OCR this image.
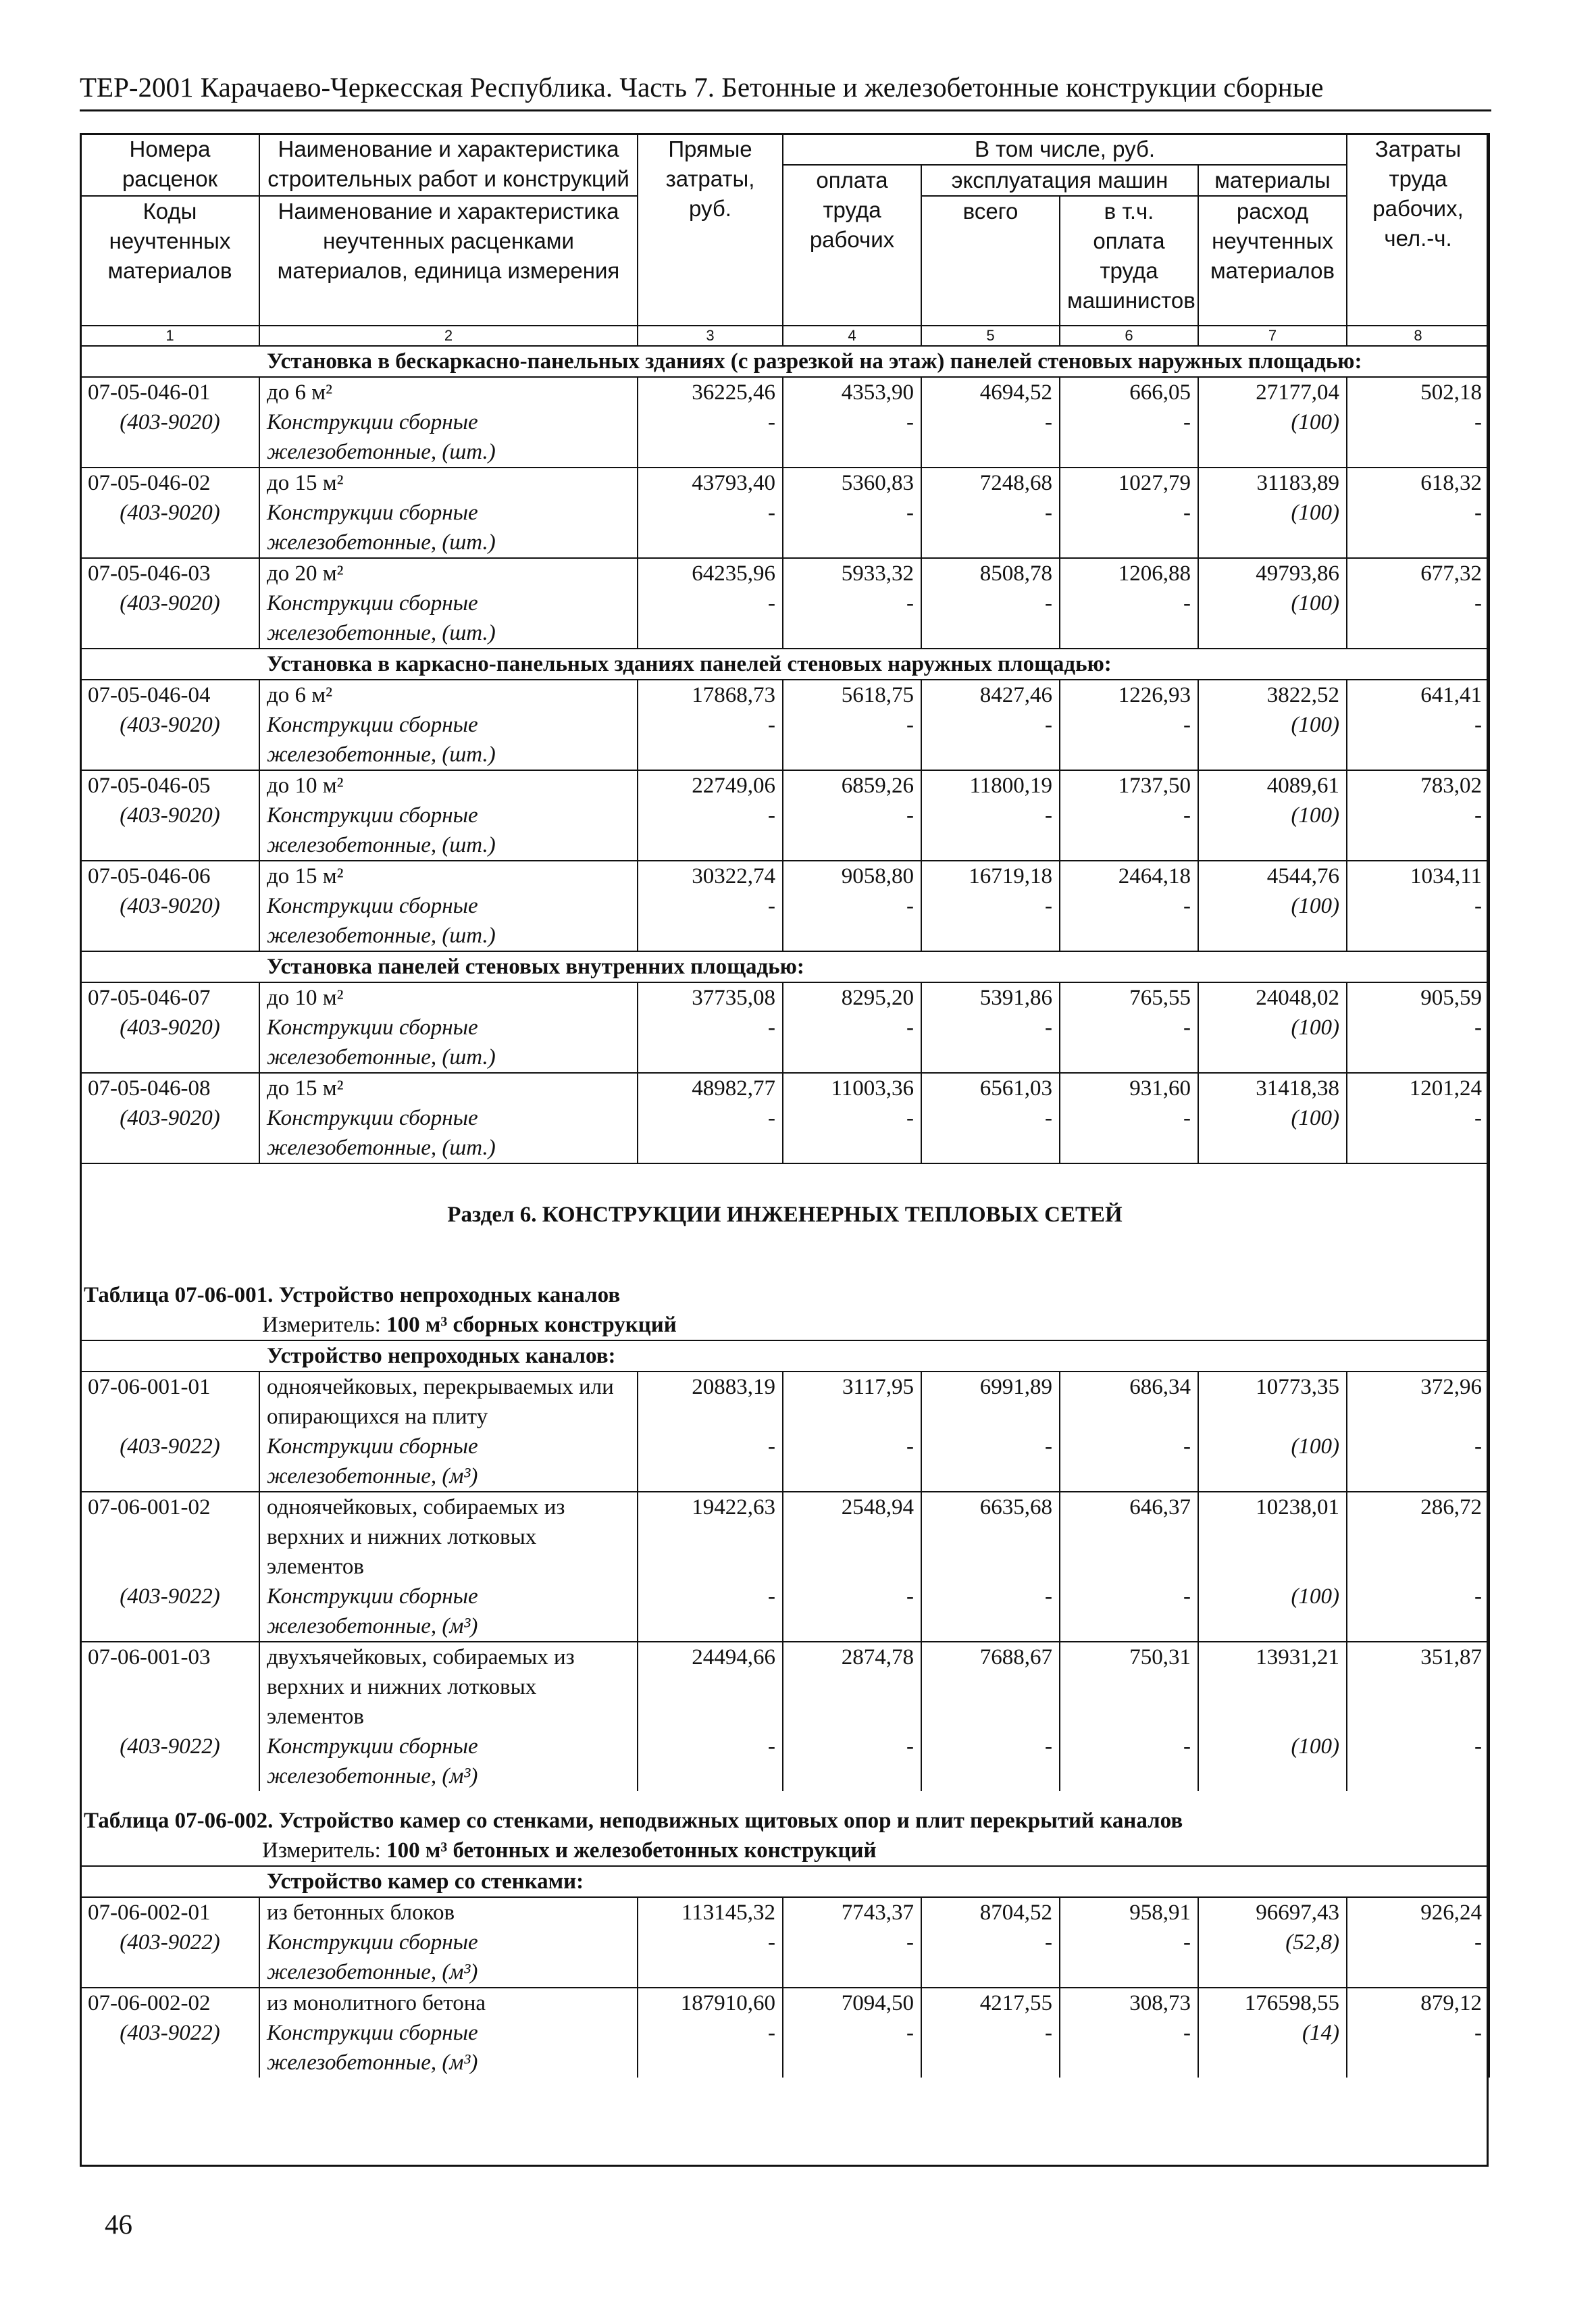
ТЕР-2001 Карачаево-Черкесская Республика. Часть 7. Бетонные и железобетонные конструкции сборные
Номера расценок	Наименование и характеристика строительных работ и конструкций	Прямые затраты, руб.	В том числе, руб.				Затраты труда рабочих, чел.-ч.
			оплата труда рабочих	эксплуатация машин		материалы	
Коды неучтенных материалов	Наименование и характеристика неучтенных расценками материалов, единица измерения			всего	в т.ч. оплата труда машинистов	расход неучтенных материалов	

1	2	3	4	5	6	7	8
Установка в бескаркасно-панельных зданиях (с разрезкой на этаж) панелей стеновых наружных площадью:							
07-05-046-01	до 6 м²	36225,46	4353,90	4694,52	666,05	27177,04	502,18
(403-9020)	Конструкции сборные железобетонные, (шт.)	-	-	-	-	(100)	-
07-05-046-02	до 15 м²	43793,40	5360,83	7248,68	1027,79	31183,89	618,32
(403-9020)	Конструкции сборные железобетонные, (шт.)	-	-	-	-	(100)	-
07-05-046-03	до 20 м²	64235,96	5933,32	8508,78	1206,88	49793,86	677,32
(403-9020)	Конструкции сборные железобетонные, (шт.)	-	-	-	-	(100)	-
Установка в каркасно-панельных зданиях панелей стеновых наружных площадью:							
07-05-046-04	до 6 м²	17868,73	5618,75	8427,46	1226,93	3822,52	641,41
(403-9020)	Конструкции сборные железобетонные, (шт.)	-	-	-	-	(100)	-
07-05-046-05	до 10 м²	22749,06	6859,26	11800,19	1737,50	4089,61	783,02
(403-9020)	Конструкции сборные железобетонные, (шт.)	-	-	-	-	(100)	-
07-05-046-06	до 15 м²	30322,74	9058,80	16719,18	2464,18	4544,76	1034,11
(403-9020)	Конструкции сборные железобетонные, (шт.)	-	-	-	-	(100)	-
Установка панелей стеновых внутренних площадью:							
07-05-046-07	до 10 м²	37735,08	8295,20	5391,86	765,55	24048,02	905,59
(403-9020)	Конструкции сборные железобетонные, (шт.)	-	-	-	-	(100)	-
07-05-046-08	до 15 м²	48982,77	11003,36	6561,03	931,60	31418,38	1201,24
(403-9020)	Конструкции сборные железобетонные, (шт.)	-	-	-	-	(100)	-
Раздел 6. КОНСТРУКЦИИ ИНЖЕНЕРНЫХ ТЕПЛОВЫХ СЕТЕЙ							
Таблица 07-06-001. Устройство непроходных каналов							
Измеритель: 100 м³ сборных конструкций							
Устройство непроходных каналов:							
07-06-001-01	одноячейковых, перекрываемых или опирающихся на плиту	20883,19	3117,95	6991,89	686,34	10773,35	372,96
(403-9022)	Конструкции сборные железобетонные, (м³)	-	-	-	-	(100)	-
07-06-001-02	одноячейковых, собираемых из верхних и нижних лотковых элементов	19422,63	2548,94	6635,68	646,37	10238,01	286,72
(403-9022)	Конструкции сборные железобетонные, (м³)	-	-	-	-	(100)	-
07-06-001-03	двухъячейковых, собираемых из верхних и нижних лотковых элементов	24494,66	2874,78	7688,67	750,31	13931,21	351,87
(403-9022)	Конструкции сборные железобетонные, (м³)	-	-	-	-	(100)	-
Таблица 07-06-002. Устройство камер со стенками, неподвижных щитовых опор и плит перекрытий каналов							
Измеритель: 100 м³ бетонных и железобетонных конструкций							
Устройство камер со стенками:							
07-06-002-01	из бетонных блоков	113145,32	7743,37	8704,52	958,91	96697,43	926,24
(403-9022)	Конструкции сборные железобетонные, (м³)	-	-	-	-	(52,8)	-
07-06-002-02	из монолитного бетона	187910,60	7094,50	4217,55	308,73	176598,55	879,12
(403-9022)	Конструкции сборные железобетонные, (м³)	-	-	-	-	(14)	-
46
